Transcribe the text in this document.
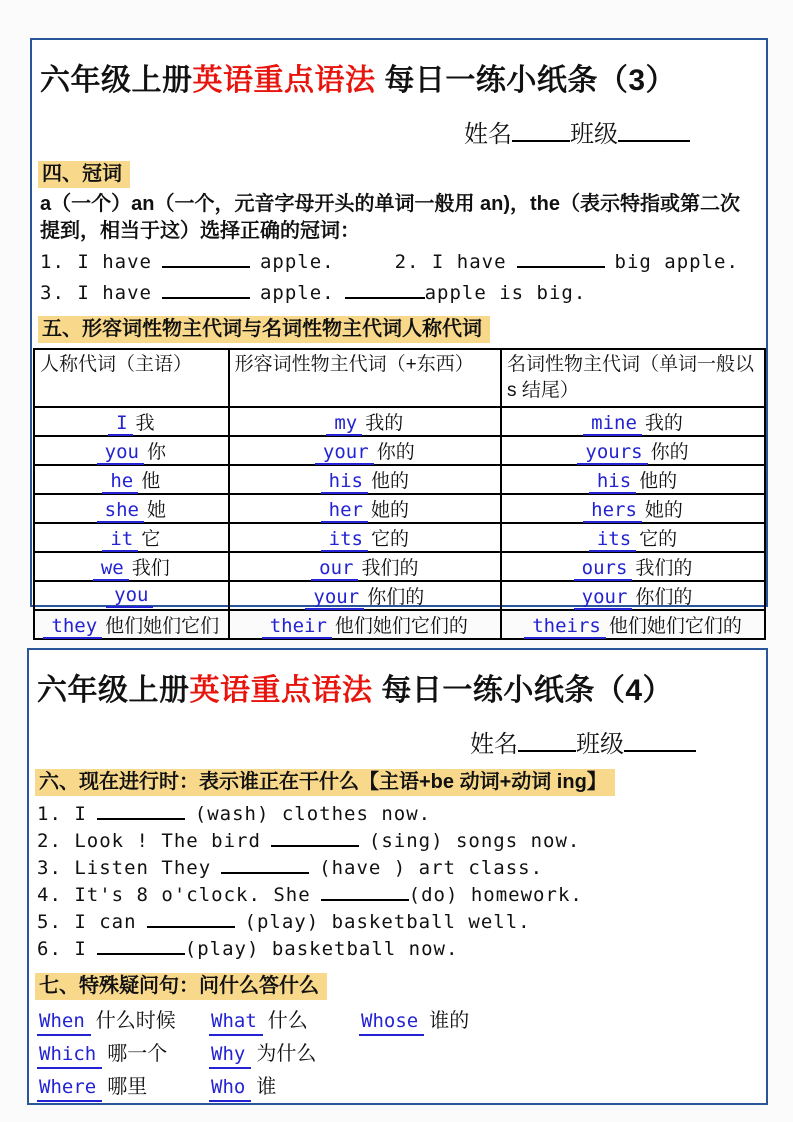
六年级上册英语重点语法 每日一练小纸条（3）
姓名 班级
四、冠词
a（一个）an（一个，元音字母开头的单词一般用 an)，the（表示特指或第二次提到，相当于这）选择正确的冠词：
1. I have	apple.	2. I have	big apple.
3. I have	apple.	apple is big.
五、形容词性物主代词与名词性物主代词人称代词
人称代词（主语）	形容词性物主代词（+东西）	名词性物主代词（单词一般以 s 结尾）
I 我	my 我的	mine 我的
you 你	your 你的	yours 你的
he 他	his 他的	his 他的
she 她	her 她的	hers 她的
it 它	its 它的	its 它的
we 我们	our 我们的	ours 我们的
you	your 你们的	your 你们的
they 他们她们它们	their 他们她们它们的	theirs 他们她们它们的
六年级上册英语重点语法 每日一练小纸条（4）
姓名 班级
六、现在进行时：表示谁正在干什么【主语+be 动词+动词 ing】
1. I	(wash) clothes now.
2. Look ! The bird	(sing) songs now.
3. Listen They	(have ) art class.
4. It's 8 o'clock. She	(do) homework.
5. I can	(play) basketball well.
6. I	(play) basketball now.
七、特殊疑问句：问什么答什么
When 什么时候 What 什么	Whose 谁的
Which 哪一个 Why 为什么
Where 哪里	Who 谁
